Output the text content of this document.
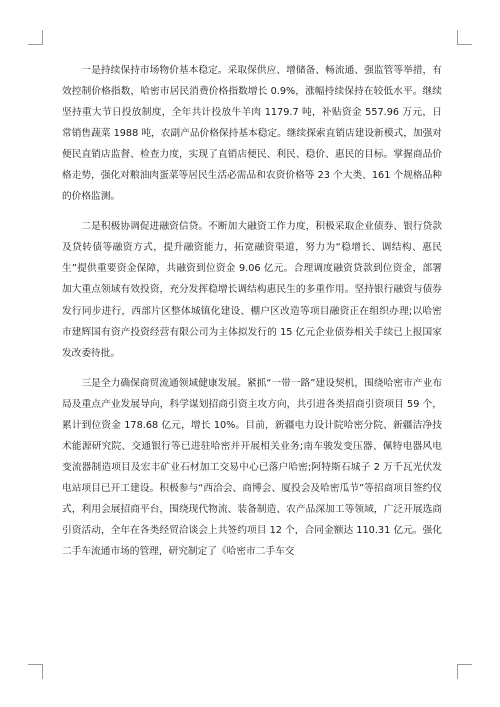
一是持续保持市场物价基本稳定。采取保供应、增储备、畅流通、强监管等举措，有效控制价格指数，哈密市居民消费价格指数增长 0.9%，涨幅持续保持在较低水平。继续坚持重大节日投放制度，全年共计投放牛羊肉 1179.7 吨，补贴资金 557.96 万元，日常销售蔬菜 1988 吨，农副产品价格保持基本稳定。继续探索直销店建设新模式，加强对便民直销店监督、检查力度，实现了直销店便民、利民、稳价、惠民的目标。掌握商品价格走势，强化对粮油肉蛋菜等居民生活必需品和农资价格等 23 个大类、161 个规格品种的价格监测。

二是积极协调促进融资信贷。不断加大融资工作力度，积极采取企业债券、银行贷款及贷转债等融资方式，提升融资能力，拓宽融资渠道，努力为“稳增长、调结构、惠民生”提供重要资金保障，共融资到位资金 9.06 亿元。合理调度融资贷款到位资金，部署加大重点领域有效投资，充分发挥稳增长调结构惠民生的多重作用。坚持银行融资与债券发行同步进行，西部片区整体城镇化建设、棚户区改造等项目融资正在组织办理;以哈密市建辉国有资产投资经营有限公司为主体拟发行的 15 亿元企业债券相关手续已上报国家发改委待批。

三是全力确保商贸流通领域健康发展。紧抓“一带一路”建设契机，围绕哈密市产业布局及重点产业发展导向，科学谋划招商引资主攻方向，共引进各类招商引资项目 59 个，累计到位资金 178.68 亿元，增长 10%。目前，新疆电力设计院哈密分院、新疆洁净技术能源研究院、交通银行等已进驻哈密并开展相关业务;南车骏发变压器、佩特电器风电变流器制造项目及宏丰矿业石材加工交易中心已落户哈密;阿特斯石城子 2 万千瓦光伏发电站项目已开工建设。积极参与“西洽会、商博会、厦投会及哈密瓜节”等招商项目签约仪式，利用会展招商平台，围绕现代物流、装备制造、农产品深加工等领域，广泛开展选商引资活动，全年在各类经贸洽谈会上共签约项目 12 个，合同金额达 110.31 亿元。强化二手车流通市场的管理，研究制定了《哈密市二手车交
